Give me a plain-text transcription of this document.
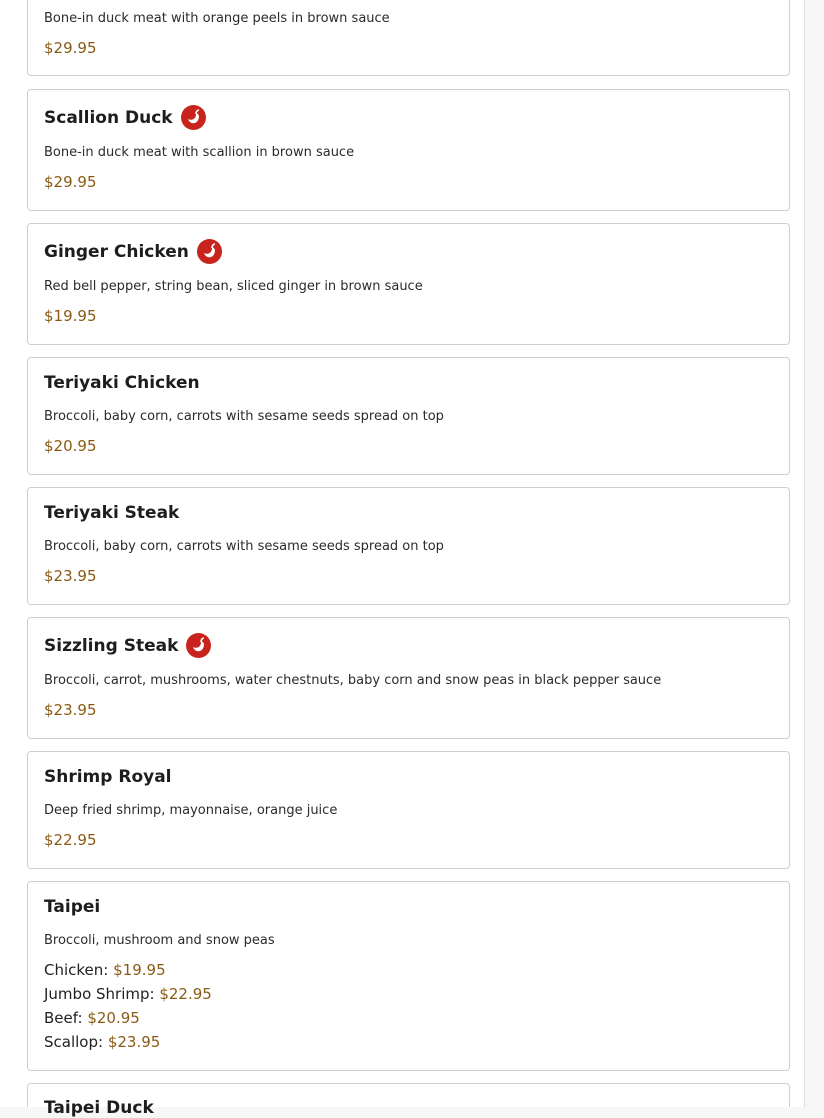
Bone-in duck meat with orange peels in brown sauce
$29.95
Scallion Duck
Bone-in duck meat with scallion in brown sauce
$29.95
Ginger Chicken
Red bell pepper, string bean, sliced ginger in brown sauce
$19.95
Teriyaki Chicken
Broccoli, baby corn, carrots with sesame seeds spread on top
$20.95
Teriyaki Steak
Broccoli, baby corn, carrots with sesame seeds spread on top
$23.95
Sizzling Steak
Broccoli, carrot, mushrooms, water chestnuts, baby corn and snow peas in black pepper sauce
$23.95
Shrimp Royal
Deep fried shrimp, mayonnaise, orange juice
$22.95
Taipei
Broccoli, mushroom and snow peas
Chicken: $19.95
Jumbo Shrimp: $22.95
Beef: $20.95
Scallop: $23.95
Taipei Duck
